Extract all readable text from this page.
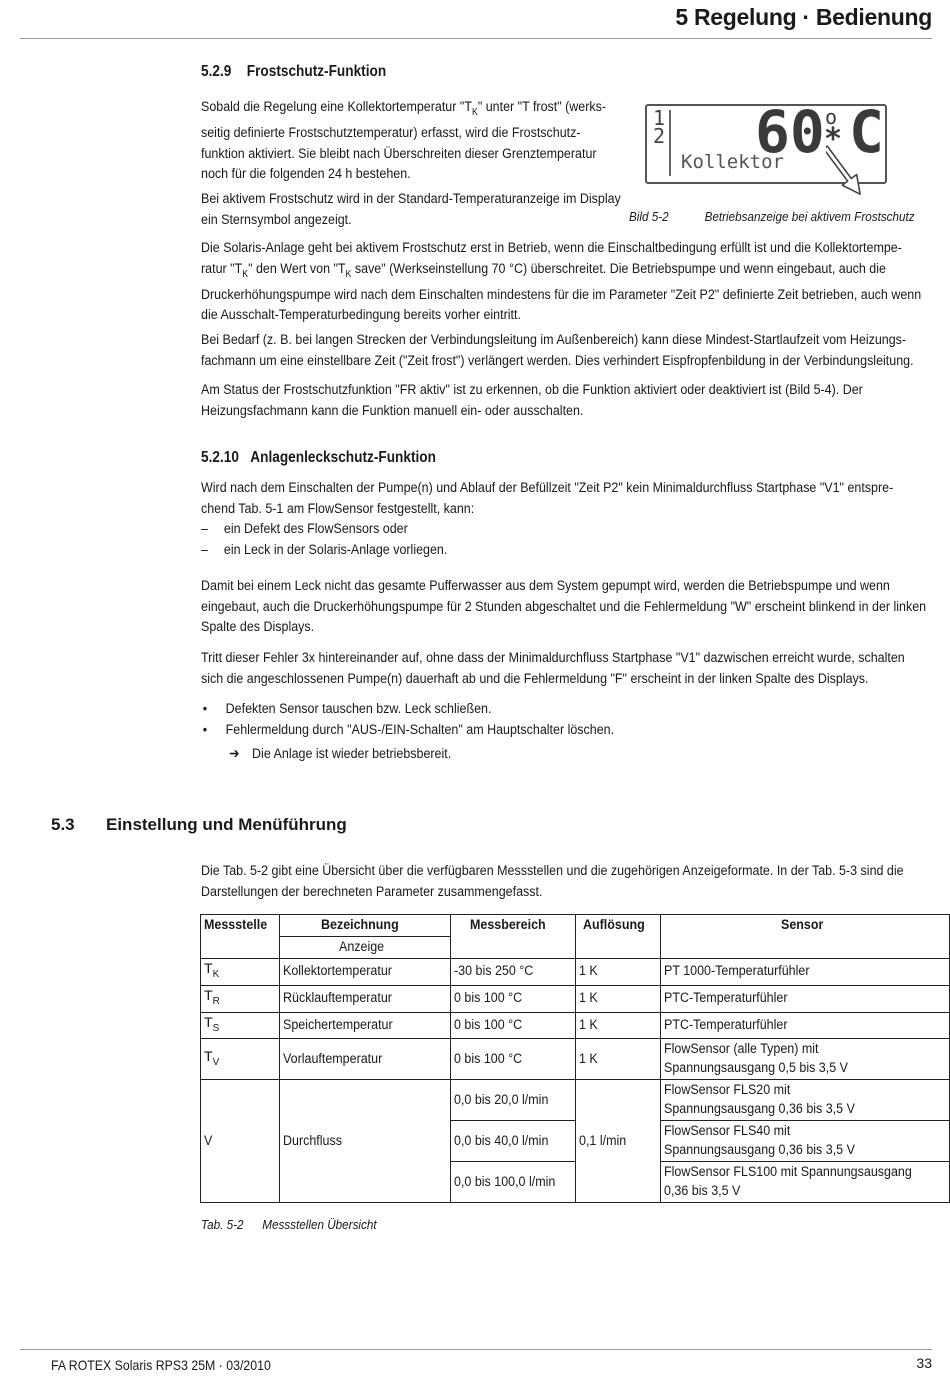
5 Regelung · Bedienung
5.2.9 Frostschutz-Funktion

Sobald die Regelung eine Kollektortemperatur "$T_K$" unter "T frost" (werks-

seitig definierte Frostschutztemperatur) erfasst, wird die Frostschutz-

funktion aktiviert. Sie bleibt nach Überschreiten dieser Grenztemperatur

noch für die folgenden 24 h bestehen.

Bei aktivem Frostschutz wird in der Standard-Temperaturanzeige im Display

ein Sternsymbol angezeigt.

1
2 60 o
* C
Kollektor
Bild 5-2	Betriebsanzeige bei aktivem Frostschutz

Die Solaris-Anlage geht bei aktivem Frostschutz erst in Betrieb, wenn die Einschaltbedingung erfüllt ist und die Kollektortempe-

ratur "$T_K$" den Wert von "$T_K$ save" (Werkseinstellung 70 °C) überschreitet. Die Betriebspumpe und wenn eingebaut, auch die

Druckerhöhungspumpe wird nach dem Einschalten mindestens für die im Parameter "Zeit P2" definierte Zeit betrieben, auch wenn

die Ausschalt-Temperaturbedingung bereits vorher eintritt.

Bei Bedarf (z. B. bei langen Strecken der Verbindungsleitung im Außenbereich) kann diese Mindest-Startlaufzeit vom Heizungs-

fachmann um eine einstellbare Zeit ("Zeit frost") verlängert werden. Dies verhindert Eispfropfenbildung in der Verbindungsleitung.

Am Status der Frostschutzfunktion "FR aktiv" ist zu erkennen, ob die Funktion aktiviert oder deaktiviert ist (Bild 5-4). Der

Heizungsfachmann kann die Funktion manuell ein- oder ausschalten.

5.2.10 Anlagenleckschutz-Funktion

Wird nach dem Einschalten der Pumpe(n) und Ablauf der Befüllzeit "Zeit P2" kein Minimaldurchfluss Startphase "V1" entspre-

chend Tab. 5-1 am FlowSensor festgestellt, kann:

– ein Defekt des FlowSensors oder

– ein Leck in der Solaris-Anlage vorliegen.

Damit bei einem Leck nicht das gesamte Pufferwasser aus dem System gepumpt wird, werden die Betriebspumpe und wenn

eingebaut, auch die Druckerhöhungspumpe für 2 Stunden abgeschaltet und die Fehlermeldung "W" erscheint blinkend in der linken

Spalte des Displays.

Tritt dieser Fehler 3x hintereinander auf, ohne dass der Minimaldurchfluss Startphase "V1" dazwischen erreicht wurde, schalten

sich die angeschlossenen Pumpe(n) dauerhaft ab und die Fehlermeldung "F" erscheint in der linken Spalte des Displays.

• Defekten Sensor tauschen bzw. Leck schließen.

• Fehlermeldung durch "AUS-/EIN-Schalten" am Hauptschalter löschen.

➔ Die Anlage ist wieder betriebsbereit.

5.3 Einstellung und Menüführung

Die Tab. 5-2 gibt eine Übersicht über die verfügbaren Messstellen und die zugehörigen Anzeigeformate. In der Tab. 5-3 sind die

Darstellungen der berechneten Parameter zusammengefasst.

Messstelle	Bezeichnung	Messbereich	Auflösung	Sensor
	Anzeige			
$T_K$	Kollektortemperatur	-30 bis 250 °C	1 K	PT 1000-Temperaturfühler
$T_R$	Rücklauftemperatur	0 bis 100 °C	1 K	PTC-Temperaturfühler
$T_S$	Speichertemperatur	0 bis 100 °C	1 K	PTC-Temperaturfühler
$T_V$	Vorlauftemperatur	0 bis 100 °C	1 K	FlowSensor (alle Typen) mit
Spannungsausgang 0,5 bis 3,5 V
V	Durchfluss	0,0 bis 20,0 l/min	0,1 l/min	FlowSensor FLS20 mit
Spannungsausgang 0,36 bis 3,5 V
		0,0 bis 40,0 l/min		FlowSensor FLS40 mit
Spannungsausgang 0,36 bis 3,5 V
		0,0 bis 100,0 l/min		FlowSensor FLS100 mit Spannungsausgang
0,36 bis 3,5 V
Tab. 5-2 Messstellen Übersicht
FA ROTEX Solaris RPS3 25M · 03/2010	33
